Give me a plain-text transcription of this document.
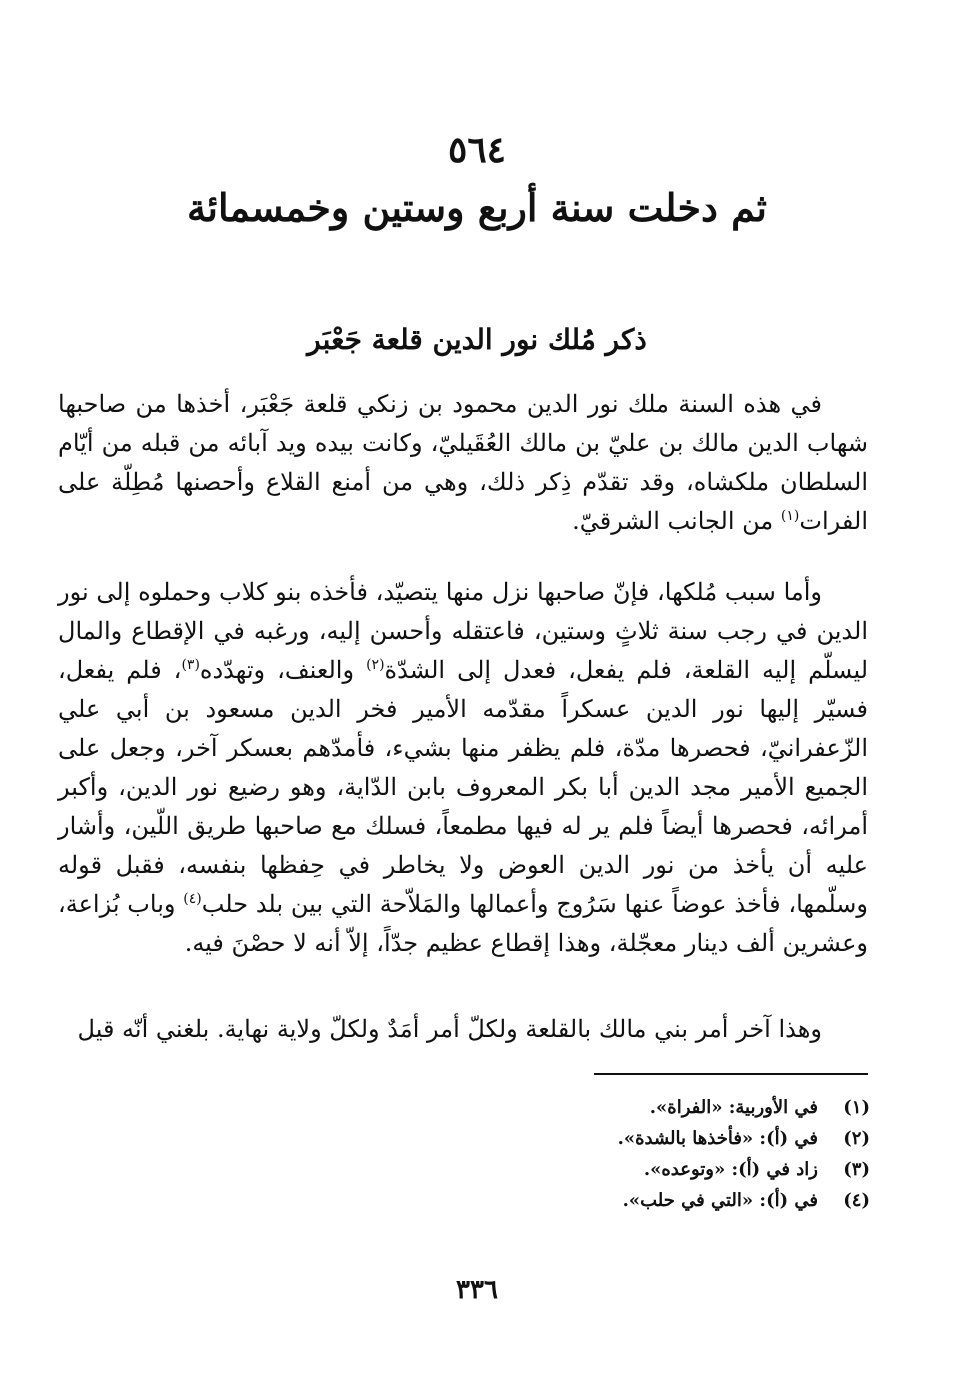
٥٦٤
ثم دخلت سنة أربع وستين وخمسمائة
ذكر مُلك نور الدين قلعة جَعْبَر

في هذه السنة ملك نور الدين محمود بن زنكي قلعة جَعْبَر، أخذها من صاحبها شهاب الدين مالك بن عليّ بن مالك العُقَيليّ، وكانت بيده ويد آبائه من قبله من أيّام السلطان ملكشاه، وقد تقدّم ذِكر ذلك، وهي من أمنع القلاع وأحصنها مُطِلّة على الفرات$^{(١)}$ من الجانب الشرقيّ.

وأما سبب مُلكها، فإنّ صاحبها نزل منها يتصيّد، فأخذه بنو كلاب وحملوه إلى نور الدين في رجب سنة ثلاثٍ وستين، فاعتقله وأحسن إليه، ورغبه في الإقطاع والمال ليسلّم إليه القلعة، فلم يفعل، فعدل إلى الشدّة$^{(٢)}$ والعنف، وتهدّده$^{(٣)}$، فلم يفعل، فسيّر إليها نور الدين عسكراً مقدّمه الأمير فخر الدين مسعود بن أبي علي الزّعفرانيّ، فحصرها مدّة، فلم يظفر منها بشيء، فأمدّهم بعسكر آخر، وجعل على الجميع الأمير مجد الدين أبا بكر المعروف بابن الدّاية، وهو رضيع نور الدين، وأكبر أمرائه، فحصرها أيضاً فلم ير له فيها مطمعاً، فسلك مع صاحبها طريق اللّين، وأشار عليه أن يأخذ من نور الدين العوض ولا يخاطر في حِفظها بنفسه، فقبل قوله وسلّمها، فأخذ عوضاً عنها سَرُوج وأعمالها والمَلاّحة التي بين بلد حلب$^{(٤)}$ وباب بُزاعة، وعشرين ألف دينار معجّلة، وهذا إقطاع عظيم جدّاً، إلاّ أنه لا حصْنَ فيه.

وهذا آخر أمر بني مالك بالقلعة ولكلّ أمر أمَدٌ ولكلّ ولاية نهاية. بلغني أنّه قيل

(١)
في الأوربية: «الفراة».
(٢)
في (أ): «فأخذها بالشدة».
(٣)
زاد في (أ): «وتوعده».
(٤)
في (أ): «التي في حلب».
٣٣٦
